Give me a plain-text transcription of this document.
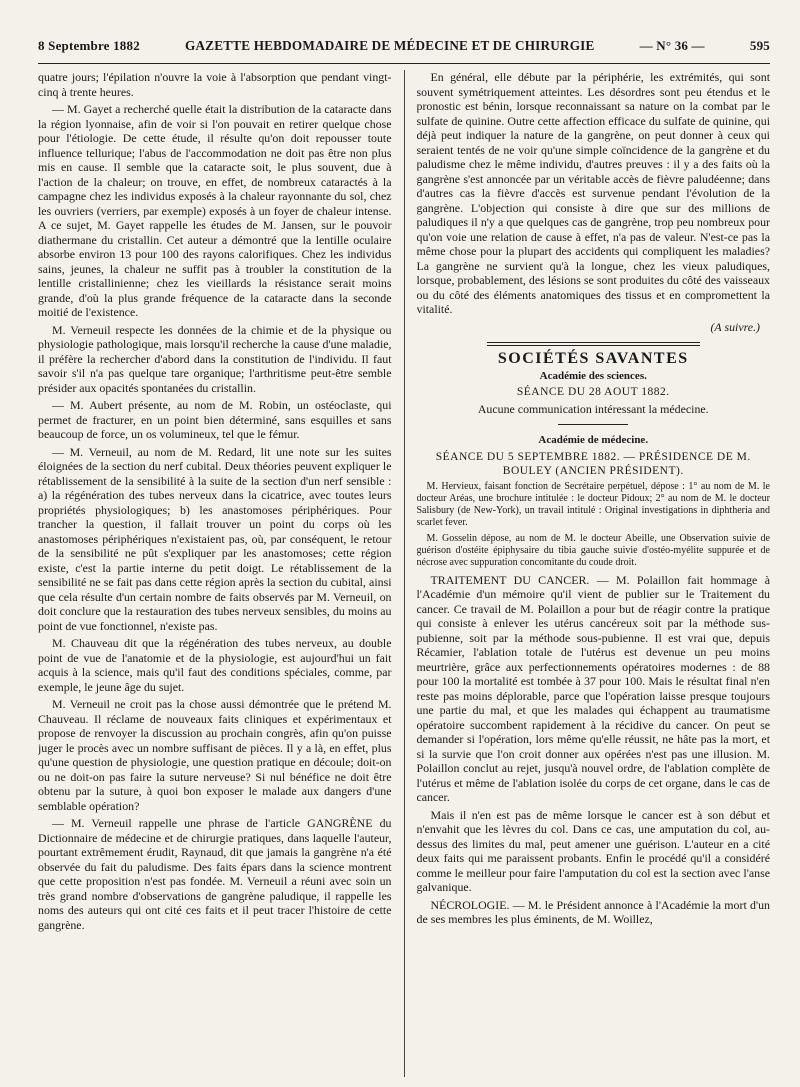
8 Septembre 1882	GAZETTE HEBDOMADAIRE DE MÉDECINE ET DE CHIRURGIE	— N° 36 —	595

quatre jours; l'épilation n'ouvre la voie à l'absorption que pendant vingt-cinq à trente heures.

— M. Gayet a recherché quelle était la distribution de la cataracte dans la région lyonnaise, afin de voir si l'on pouvait en retirer quelque chose pour l'étiologie. De cette étude, il résulte qu'on doit repousser toute influence tellurique; l'abus de l'accommodation ne doit pas être non plus mis en cause. Il semble que la cataracte soit, le plus souvent, due à l'action de la chaleur; on trouve, en effet, de nombreux cataractés à la campagne chez les individus exposés à la chaleur rayonnante du sol, chez les ouvriers (verriers, par exemple) exposés à un foyer de chaleur intense. A ce sujet, M. Gayet rappelle les études de M. Jansen, sur le pouvoir diathermane du cristallin. Cet auteur a démontré que la lentille oculaire absorbe environ 13 pour 100 des rayons calorifiques. Chez les individus sains, jeunes, la chaleur ne suffit pas à troubler la constitution de la lentille cristallinienne; chez les vieillards la résistance serait moins grande, d'où la plus grande fréquence de la cataracte dans la seconde moitié de l'existence.

M. Verneuil respecte les données de la chimie et de la physique ou physiologie pathologique, mais lorsqu'il recherche la cause d'une maladie, il préfère la rechercher d'abord dans la constitution de l'individu. Il faut savoir s'il n'a pas quelque tare organique; l'arthritisme peut-être semble présider aux opacités spontanées du cristallin.

— M. Aubert présente, au nom de M. Robin, un ostéoclaste, qui permet de fracturer, en un point bien déterminé, sans esquilles et sans beaucoup de force, un os volumineux, tel que le fémur.

— M. Verneuil, au nom de M. Redard, lit une note sur les suites éloignées de la section du nerf cubital. Deux théories peuvent expliquer le rétablissement de la sensibilité à la suite de la section d'un nerf sensible : a) la régénération des tubes nerveux dans la cicatrice, avec toutes leurs propriétés physiologiques; b) les anastomoses périphériques. Pour trancher la question, il fallait trouver un point du corps où les anastomoses périphériques n'existaient pas, où, par conséquent, le retour de la sensibilité ne pût s'expliquer par les anastomoses; cette région existe, c'est la partie interne du petit doigt. Le rétablissement de la sensibilité ne se fait pas dans cette région après la section du cubital, ainsi que cela résulte d'un certain nombre de faits observés par M. Verneuil, on doit conclure que la restauration des tubes nerveux sensibles, du moins au point de vue fonctionnel, n'existe pas.

M. Chauveau dit que la régénération des tubes nerveux, au double point de vue de l'anatomie et de la physiologie, est aujourd'hui un fait acquis à la science, mais qu'il faut des conditions spéciales, comme, par exemple, le jeune âge du sujet.

M. Verneuil ne croit pas la chose aussi démontrée que le prétend M. Chauveau. Il réclame de nouveaux faits cliniques et expérimentaux et propose de renvoyer la discussion au prochain congrès, afin qu'on puisse juger le procès avec un nombre suffisant de pièces. Il y a là, en effet, plus qu'une question de physiologie, une question pratique en découle; doit-on ou ne doit-on pas faire la suture nerveuse? Si nul bénéfice ne doit être obtenu par la suture, à quoi bon exposer le malade aux dangers d'une semblable opération?

— M. Verneuil rappelle une phrase de l'article GANGRÈNE du Dictionnaire de médecine et de chirurgie pratiques, dans laquelle l'auteur, pourtant extrêmement érudit, Raynaud, dit que jamais la gangrène n'a été observée du fait du paludisme. Des faits épars dans la science montrent que cette proposition n'est pas fondée. M. Verneuil a réuni avec soin un très grand nombre d'observations de gangrène paludique, il rappelle les noms des auteurs qui ont cité ces faits et il peut tracer l'histoire de cette gangrène.

En général, elle débute par la périphérie, les extrémités, qui sont souvent symétriquement atteintes. Les désordres sont peu étendus et le pronostic est bénin, lorsque reconnaissant sa nature on la combat par le sulfate de quinine. Outre cette affection efficace du sulfate de quinine, qui déjà peut indiquer la nature de la gangrène, on peut donner à ceux qui seraient tentés de ne voir qu'une simple coïncidence de la gangrène et du paludisme chez le même individu, d'autres preuves : il y a des faits où la gangrène s'est annoncée par un véritable accès de fièvre paludéenne; dans d'autres cas la fièvre d'accès est survenue pendant l'évolution de la gangrène. L'objection qui consiste à dire que sur des millions de paludiques il n'y a que quelques cas de gangrène, trop peu nombreux pour qu'on voie une relation de cause à effet, n'a pas de valeur. N'est-ce pas la même chose pour la plupart des accidents qui compliquent les maladies? La gangrène ne survient qu'à la longue, chez les vieux paludiques, lorsque, probablement, des lésions se sont produites du côté des vaisseaux ou du côté des éléments anatomiques des tissus et en compromettent la vitalité.

(A suivre.)
SOCIÉTÉS SAVANTES
Académie des sciences.
SÉANCE DU 28 AOUT 1882.
Aucune communication intéressant la médecine.
Académie de médecine.
SÉANCE DU 5 SEPTEMBRE 1882. — PRÉSIDENCE DE M. BOULEY (ANCIEN PRÉSIDENT).

M. Hervieux, faisant fonction de Secrétaire perpétuel, dépose : 1° au nom de M. le docteur Aréas, une brochure intitulée : le docteur Pidoux; 2° au nom de M. le docteur Salisbury (de New-York), un travail intitulé : Original investigations in diphtheria and scarlet fever.

M. Gosselin dépose, au nom de M. le docteur Abeille, une Observation suivie de guérison d'ostéite épiphysaire du tibia gauche suivie d'ostéo-myélite suppurée et de nécrose avec suppuration concomitante du coude droit.

TRAITEMENT DU CANCER. — M. Polaillon fait hommage à l'Académie d'un mémoire qu'il vient de publier sur le Traitement du cancer. Ce travail de M. Polaillon a pour but de réagir contre la pratique qui consiste à enlever les utérus cancéreux soit par la méthode sus-pubienne, soit par la méthode sous-pubienne. Il est vrai que, depuis Récamier, l'ablation totale de l'utérus est devenue un peu moins meurtrière, grâce aux perfectionnements opératoires modernes : de 88 pour 100 la mortalité est tombée à 37 pour 100. Mais le résultat final n'en reste pas moins déplorable, parce que l'opération laisse presque toujours une partie du mal, et que les malades qui échappent au traumatisme opératoire succombent rapidement à la récidive du cancer. On peut se demander si l'opération, lors même qu'elle réussit, ne hâte pas la mort, et si la survie que l'on croit donner aux opérées n'est pas une illusion. M. Polaillon conclut au rejet, jusqu'à nouvel ordre, de l'ablation complète de l'utérus et même de l'ablation isolée du corps de cet organe, dans le cas de cancer.

Mais il n'en est pas de même lorsque le cancer est à son début et n'envahit que les lèvres du col. Dans ce cas, une amputation du col, au-dessus des limites du mal, peut amener une guérison. L'auteur en a cité deux faits qui me paraissent probants. Enfin le procédé qu'il a considéré comme le meilleur pour faire l'amputation du col est la section avec l'anse galvanique.

NÉCROLOGIE. — M. le Président annonce à l'Académie la mort d'un de ses membres les plus éminents, de M. Woillez,
